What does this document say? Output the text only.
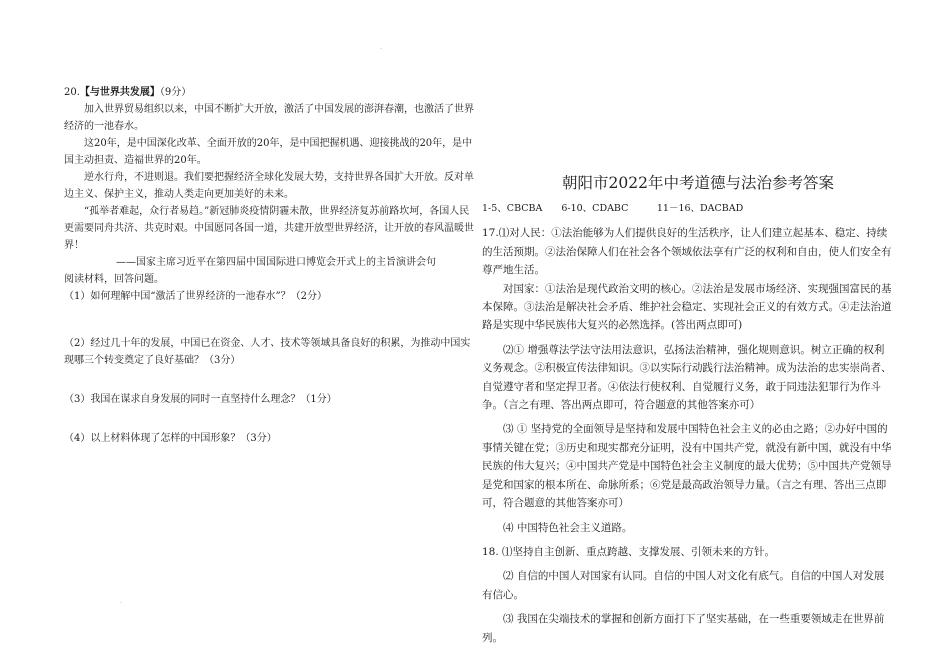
.
.

20.【与世界共发展】（9分）

加入世界贸易组织以来，中国不断扩大开放，激活了中国发展的澎湃春潮，也激活了世界经济的一池春水。

这20年，是中国深化改革、全面开放的20年，是中国把握机遇、迎接挑战的20年，是中国主动担责、造福世界的20年。

逆水行舟，不进则退。我们要把握经济全球化发展大势，支持世界各国扩大开放。反对单边主义、保护主义，推动人类走向更加美好的未来。

“孤举者难起，众行者易趋。”新冠肺炎疫情阴霾未散，世界经济复苏前路坎坷，各国人民更需要同舟共济、共克时艰。中国愿同各国一道，共建开放型世界经济，让开放的春风温暖世界！

——国家主席习近平在第四届中国国际进口博览会开式上的主旨演讲会句

阅读材料，回答问题。

（1）如何理解中国“激活了世界经济的一池春水”？（2分）

（2）经过几十年的发展，中国已在资金、人才、技术等领域具备良好的积累，为推动中国实现哪三个转变奠定了良好基础？（3分）

（3）我国在谋求自身发展的同时一直坚持什么理念？（1分）

（4）以上材料体现了怎样的中国形象？（3分）

朝阳市2022年中考道德与法治参考答案

1-5、CBCBA　　6-10、CDABC　　　11－16、DACBAD

17.⑴对人民：①法治能够为人们提供良好的生活秩序，让人们建立起基本、稳定、持续的生活预期。②法治保障人们在社会各个领域依法享有广泛的权利和自由，使人们安全有尊严地生活。

对国家：①法治是现代政治文明的核心。②法治是发展市场经济、实现强国富民的基本保障。③法治是解决社会矛盾、维护社会稳定、实现社会正义的有效方式。④走法治道路是实现中华民族伟大复兴的必然选择。(答出两点即可)

⑵① 增强尊法学法守法用法意识，弘扬法治精神，强化规则意识。树立正确的权利义务观念。②积极宣传法律知识。③以实际行动践行法治精神。成为法治的忠实崇尚者、自觉遵守者和坚定捍卫者。④依法行使权利、自觉履行义务，敢于同违法犯罪行为作斗争。（言之有理、答出两点即可，符合题意的其他答案亦可）

⑶ ① 坚持党的全面领导是坚持和发展中国特色社会主义的必由之路；②办好中国的事情关键在党；③历史和现实都充分证明，没有中国共产党，就没有新中国，就没有中华民族的伟大复兴；④中国共产党是中国特色社会主义制度的最大优势；⑤中国共产党领导是党和国家的根本所在、命脉所系；⑥党是最高政治领导力量。（言之有理、答出三点即可，符合题意的其他答案亦可）

⑷ 中国特色社会主义道路。

18. ⑴坚持自主创新、重点跨越、支撑发展、引领未来的方针。

⑵ 自信的中国人对国家有认同。自信的中国人对文化有底气。自信的中国人对发展有信心。

⑶ 我国在尖端技术的掌握和创新方面打下了坚实基础，在一些重要领域走在世界前列。
